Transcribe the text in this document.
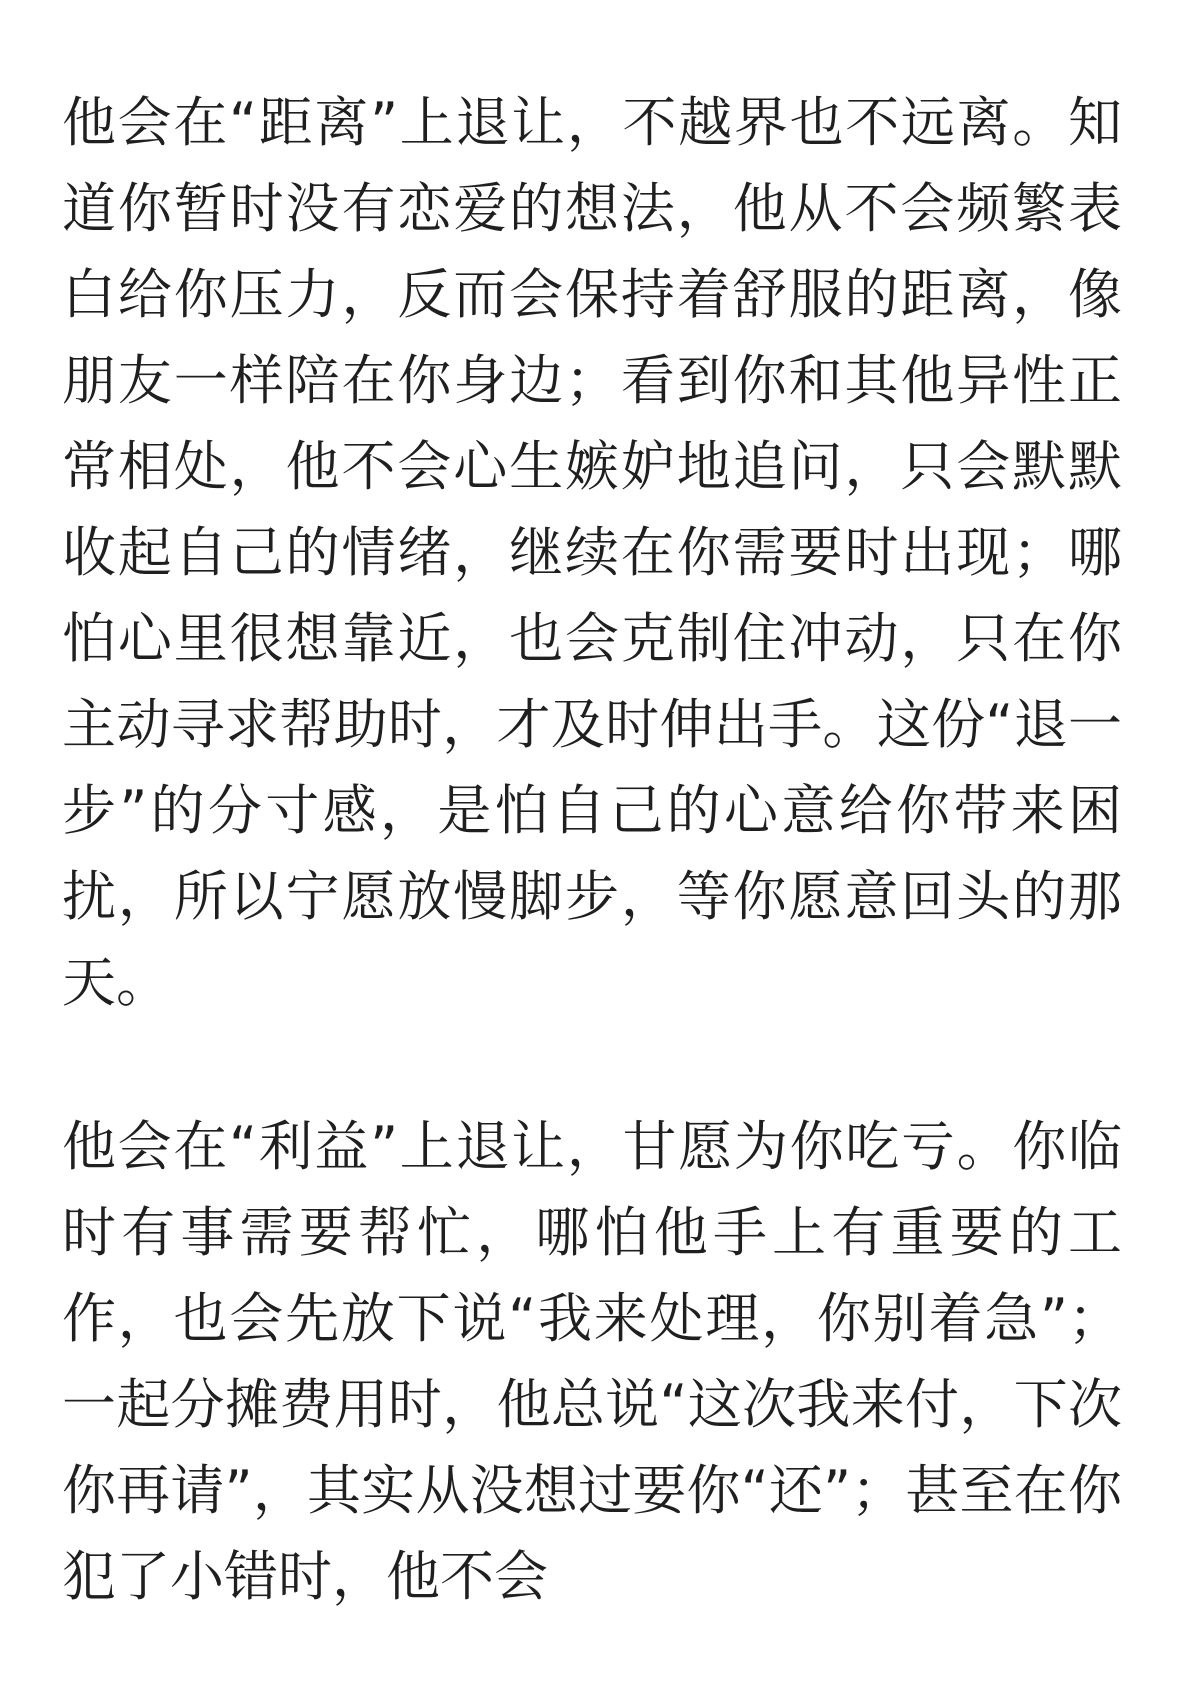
他会在“距离”上退让，不越界也不远离。知道你暂时没有恋爱的想法，他从不会频繁表白给你压力，反而会保持着舒服的距离，像朋友一样陪在你身边；看到你和其他异性正常相处，他不会心生嫉妒地追问，只会默默收起自己的情绪，继续在你需要时出现；哪怕心里很想靠近，也会克制住冲动，只在你主动寻求帮助时，才及时伸出手。这份“退一步”的分寸感，是怕自己的心意给你带来困扰，所以宁愿放慢脚步，等你愿意回头的那天。

他会在“利益”上退让，甘愿为你吃亏。你临时有事需要帮忙，哪怕他手上有重要的工作，也会先放下说“我来处理，你别着急”；一起分摊费用时，他总说“这次我来付，下次你再请”，其实从没想过要你“还”；甚至在你犯了小错时，他不会
